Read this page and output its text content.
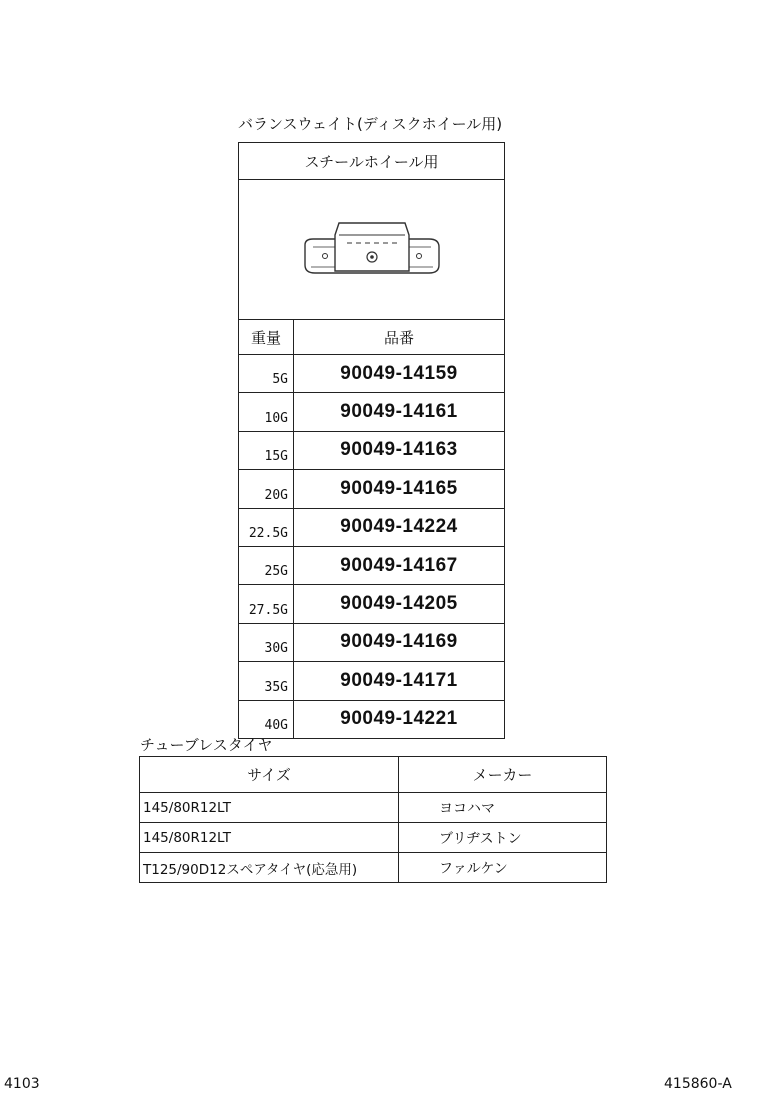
バランスウェイト(ディスクホイール用)
スチールホイール用	

重量	品番
5G	90049-14159
10G	90049-14161
15G	90049-14163
20G	90049-14165
22.5G	90049-14224
25G	90049-14167
27.5G	90049-14205
30G	90049-14169
35G	90049-14171
40G	90049-14221
チューブレスタイヤ
サイズ	メーカー
145/80R12LT	ヨコハマ
145/80R12LT	ブリヂストン
T125/90D12スペアタイヤ(応急用)	ファルケン
4103	415860-A
